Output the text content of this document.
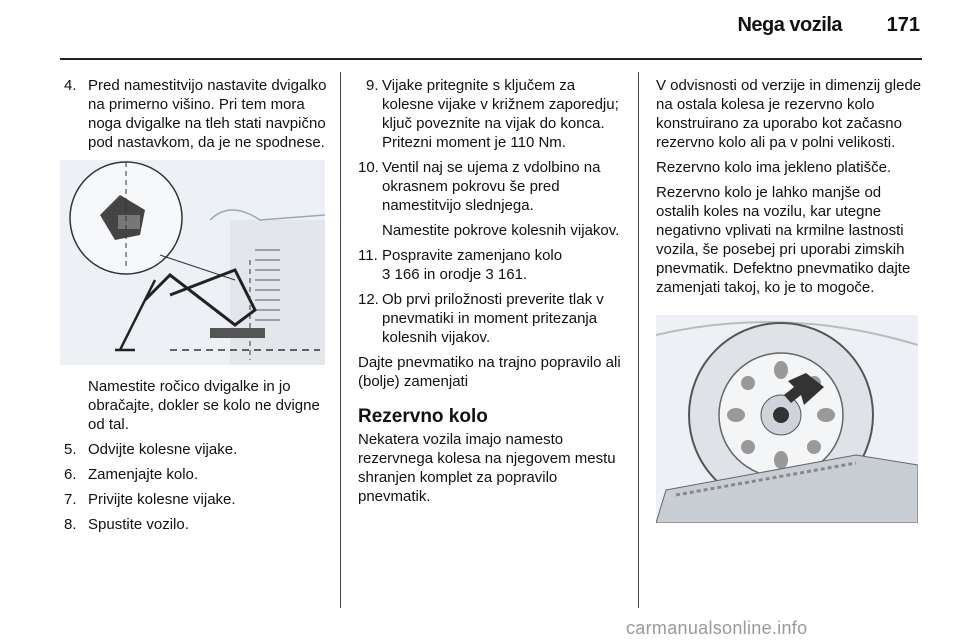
Nega vozila 171
4. Pred namestitvijo nastavite dvigalko na primerno višino. Pri tem mora noga dvigalke na tleh stati navpično pod nastavkom, da je ne spodnese.
Namestite ročico dvigalke in jo obračajte, dokler se kolo ne dvigne od tal.
5. Odvijte kolesne vijake.
6. Zamenjajte kolo.
7. Privijte kolesne vijake.
8. Spustite vozilo.
9. Vijake pritegnite s ključem za kolesne vijake v križnem zaporedju; ključ poveznite na vijak do konca. Pritezni moment je 110 Nm.
10. Ventil naj se ujema z vdolbino na okrasnem pokrovu še pred namestitvijo slednjega.
Namestite pokrove kolesnih vijakov.
11. Pospravite zamenjano kolo
3 166 in orodje 3 161.
12. Ob prvi priložnosti preverite tlak v pnevmatiki in moment pritezanja kolesnih vijakov.

Dajte pnevmatiko na trajno popravilo ali (bolje) zamenjati

Rezervno kolo

Nekatera vozila imajo namesto rezervnega kolesa na njegovem mestu shranjen komplet za popravilo pnevmatik.

V odvisnosti od verzije in dimenzij glede na ostala kolesa je rezervno kolo konstruirano za uporabo kot začasno rezervno kolo ali pa v polni velikosti.

Rezervno kolo ima jekleno platišče.

Rezervno kolo je lahko manjše od ostalih koles na vozilu, kar utegne negativno vplivati na krmilne lastnosti vozila, še posebej pri uporabi zimskih pnevmatik. Defektno pnevmatiko dajte zamenjati takoj, ko je to mogoče.

carmanualsonline.info
